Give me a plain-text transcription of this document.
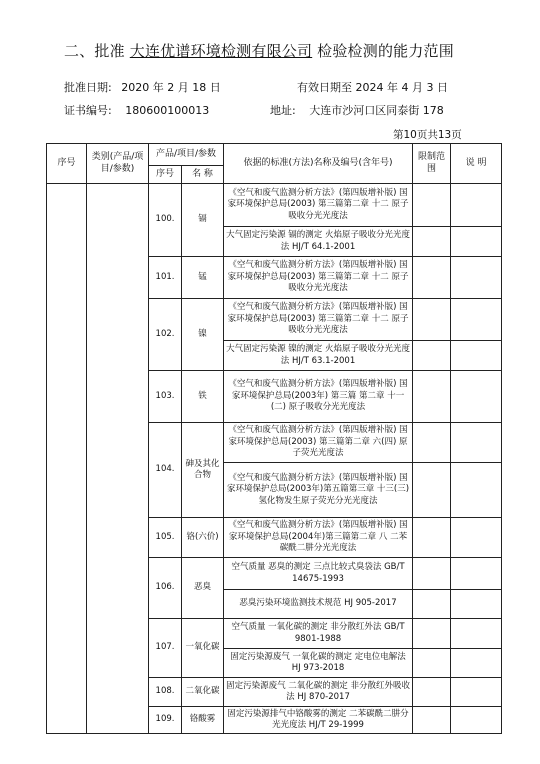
二、批准 大连优谱环境检测有限公司 检验检测的能力范围
批准日期: 2020 年 2 月 18 日	有效日期至 2024 年 4 月 3 日
证书编号: 180600100013	地址: 大连市沙河口区同泰街 178
第10页共13页
序号	类别(产品/项目/参数)	产品/项目/参数		依据的标准(方法)名称及编号(含年号)	限制范围	说 明
		序号	名 称			
		100.	镉	《空气和废气监测分析方法》(第四版增补版) 国家环境保护总局(2003) 第三篇第二章 十二 原子吸收分光光度法		
				大气固定污染源 镉的测定 火焰原子吸收分光光度法 HJ/T 64.1-2001		
		101.	锰	《空气和废气监测分析方法》(第四版增补版) 国家环境保护总局(2003) 第三篇第二章 十二 原子吸收分光光度法		
		102.	镍	《空气和废气监测分析方法》(第四版增补版) 国家环境保护总局(2003) 第三篇第二章 十二 原子吸收分光光度法		
				大气固定污染源 镍的测定 火焰原子吸收分光光度法 HJ/T 63.1-2001		
		103.	铁	《空气和废气监测分析方法》(第四版增补版) 国家环境保护总局(2003年) 第三篇 第二章 十一(二) 原子吸收分光光度法		
		104.	砷及其化合物	《空气和废气监测分析方法》(第四版增补版) 国家环境保护总局(2003) 第三篇第二章 六(四) 原子荧光光度法		
				《空气和废气监测分析方法》(第四版增补版) 国家环境保护总局(2003年)第五篇第三章 十三(三) 氢化物发生原子荧光分光光度法		
		105.	铬(六价)	《空气和废气监测分析方法》(第四版增补版) 国家环境保护总局(2004年)第三篇第二章 八 二苯碳酰二肼分光光度法		
		106.	恶臭	空气质量 恶臭的测定 三点比较式臭袋法 GB/T 14675-1993		
				恶臭污染环境监测技术规范 HJ 905-2017		
		107.	一氧化碳	空气质量 一氧化碳的测定 非分散红外法 GB/T 9801-1988		
				固定污染源废气 一氧化碳的测定 定电位电解法 HJ 973-2018		
		108.	二氧化碳	固定污染源废气 二氧化碳的测定 非分散红外吸收法 HJ 870-2017		
		109.	铬酸雾	固定污染源排气中铬酸雾的测定 二苯碳酰二肼分光光度法 HJ/T 29-1999		
